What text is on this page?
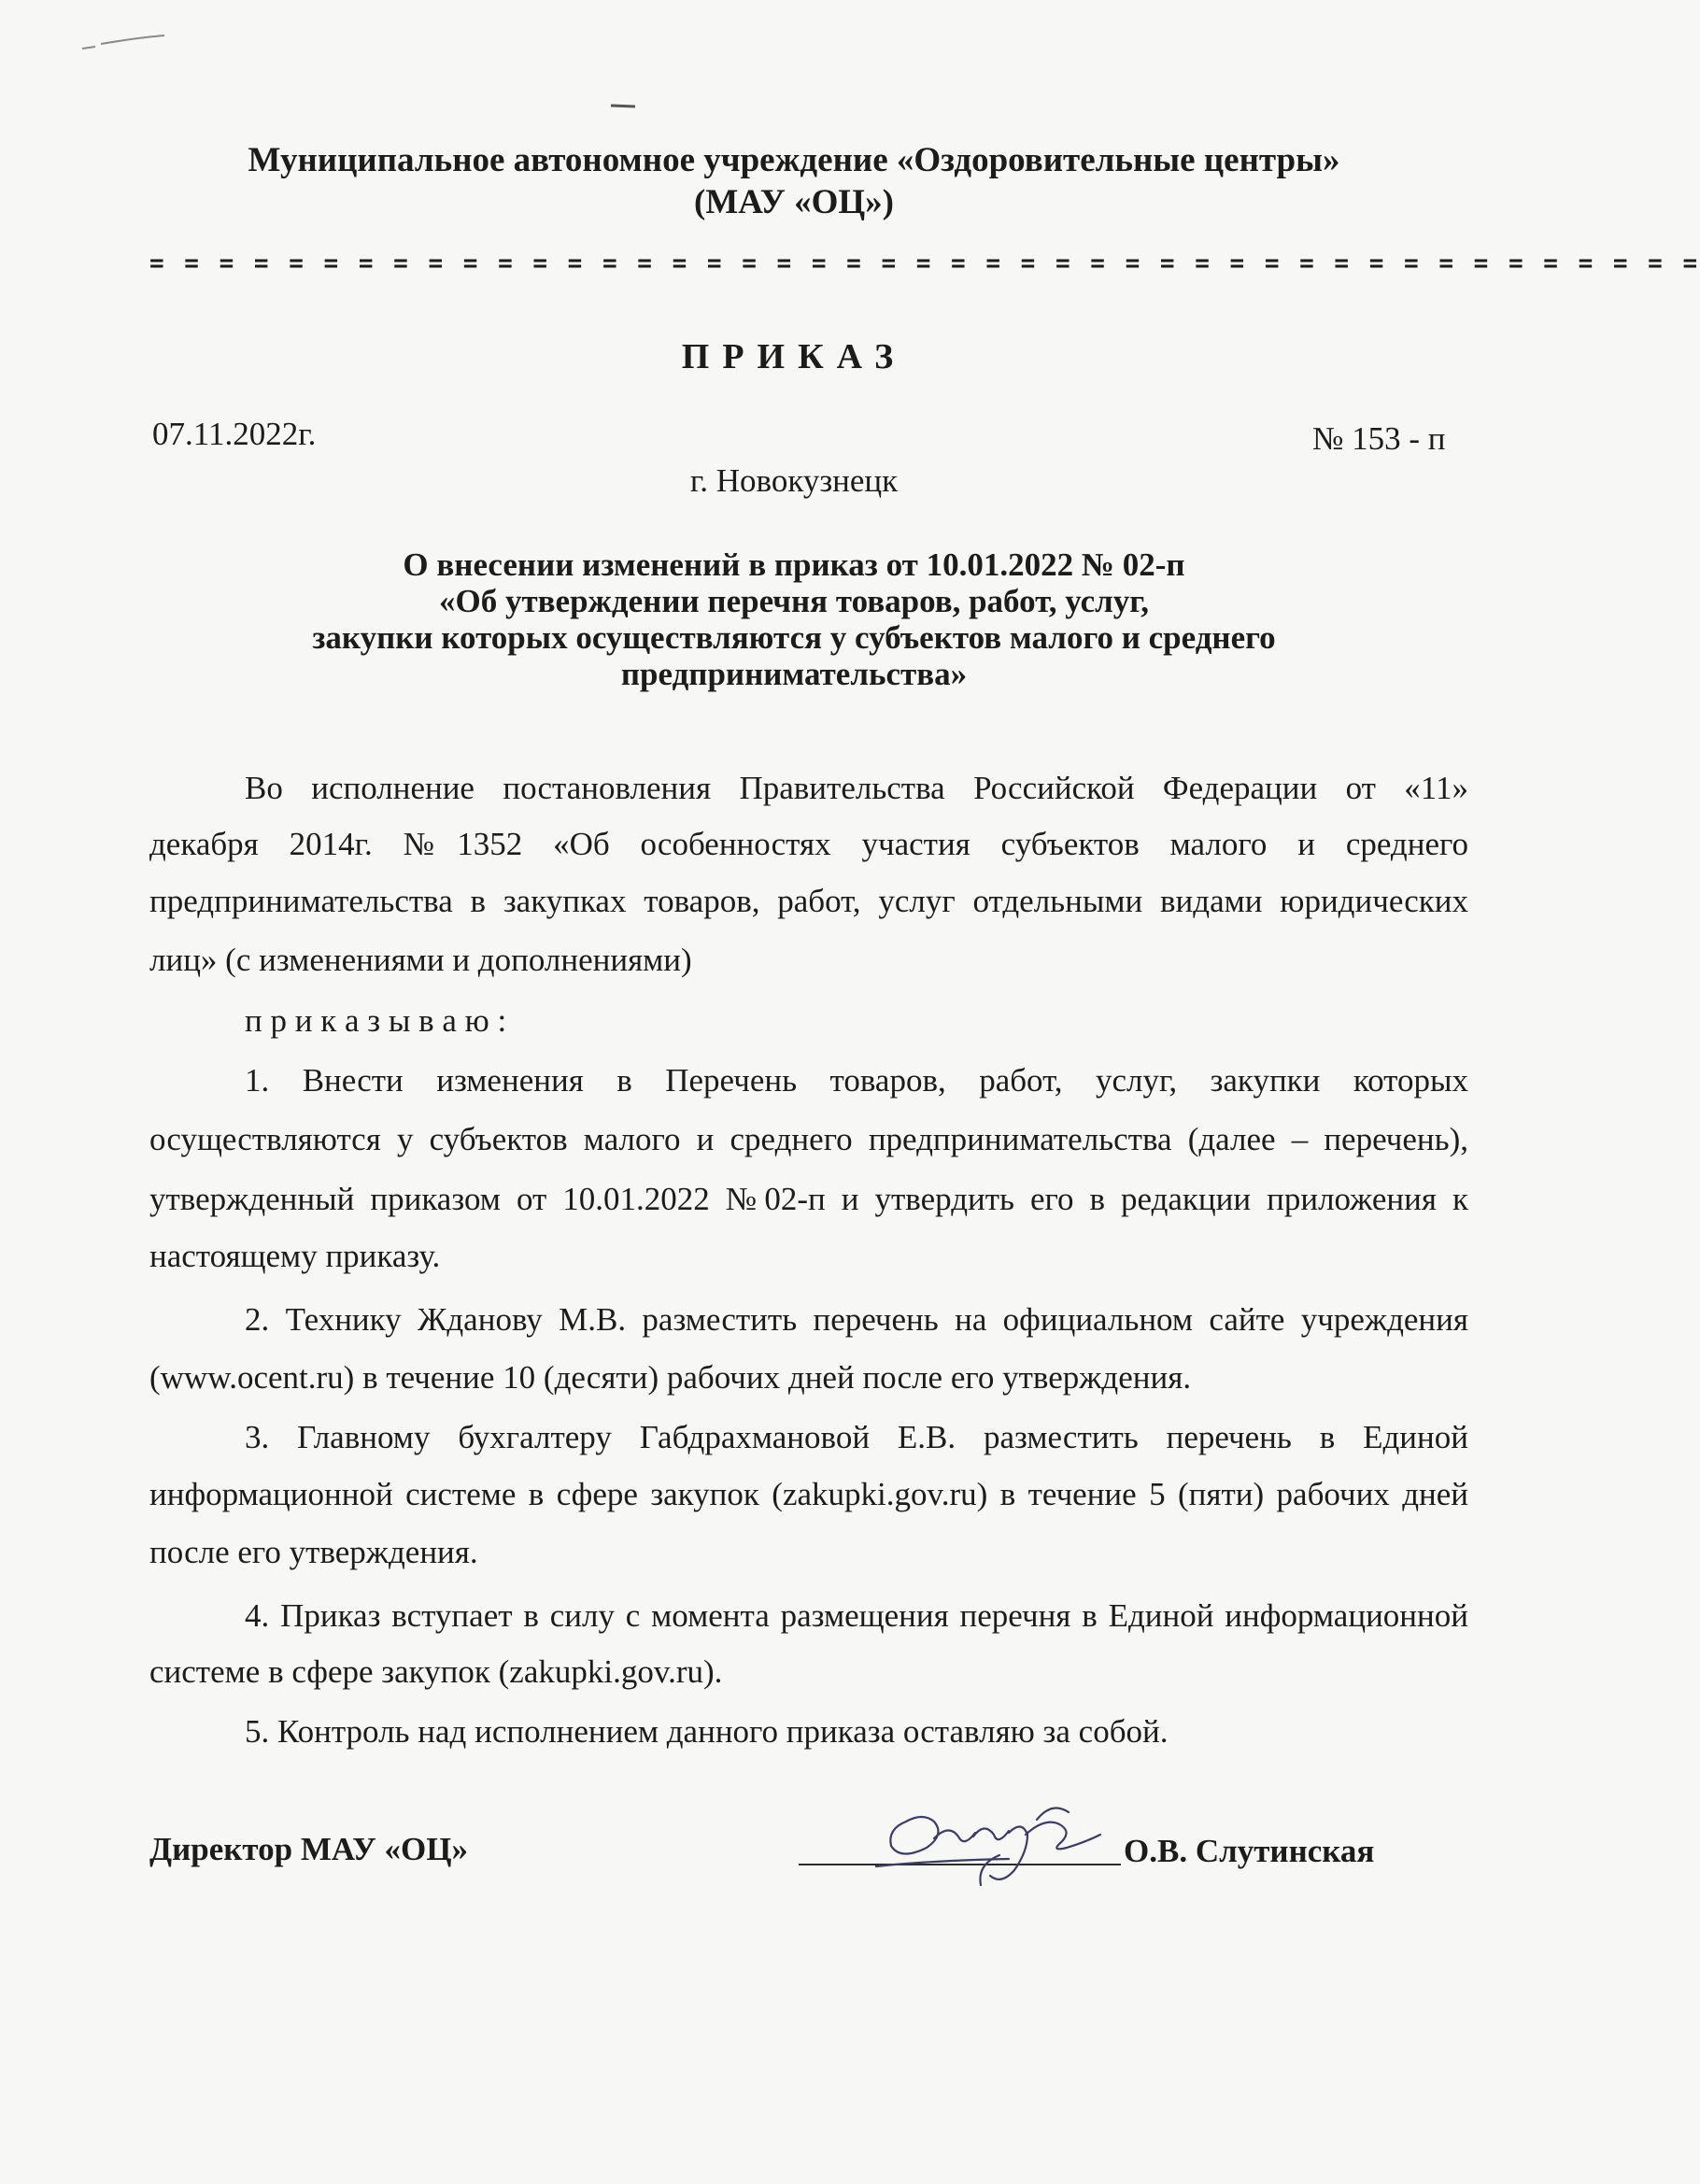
Муниципальное автономное учреждение «Оздоровительные центры»
(МАУ «ОЦ»)
= = = = = = = = = = = = = = = = = = = = = = = = = = = = = = = = = = = = = = = = = = = = =
ПРИКАЗ
07.11.2022г.	№ 153 - п
г. Новокузнецк
О внесении изменений в приказ от 10.01.2022 № 02-п
«Об утверждении перечня товаров, работ, услуг,
закупки которых осуществляются у субъектов малого и среднего
предпринимательства»
Во исполнение постановления Правительства Российской Федерации от «11»
декабря 2014г. №1352 «Об особенностях участия субъектов малого и среднего
предпринимательства в закупках товаров, работ, услуг отдельными видами юридических
лиц» (с изменениями и дополнениями)
п р и к а з ы в а ю :
1. Внести изменения в Перечень товаров, работ, услуг, закупки которых
осуществляются у субъектов малого и среднего предпринимательства (далее – перечень),
утвержденный приказом от 10.01.2022 №02-п и утвердить его в редакции приложения к
настоящему приказу.
2. Технику Жданову М.В. разместить перечень на официальном сайте учреждения
(www.ocent.ru) в течение 10 (десяти) рабочих дней после его утверждения.
3. Главному бухгалтеру Габдрахмановой Е.В. разместить перечень в Единой
информационной системе в сфере закупок (zakupki.gov.ru) в течение 5 (пяти) рабочих дней
после его утверждения.
4. Приказ вступает в силу с момента размещения перечня в Единой информационной
системе в сфере закупок (zakupki.gov.ru).
5. Контроль над исполнением данного приказа оставляю за собой.
Директор МАУ «ОЦ»	О.В. Слутинская
